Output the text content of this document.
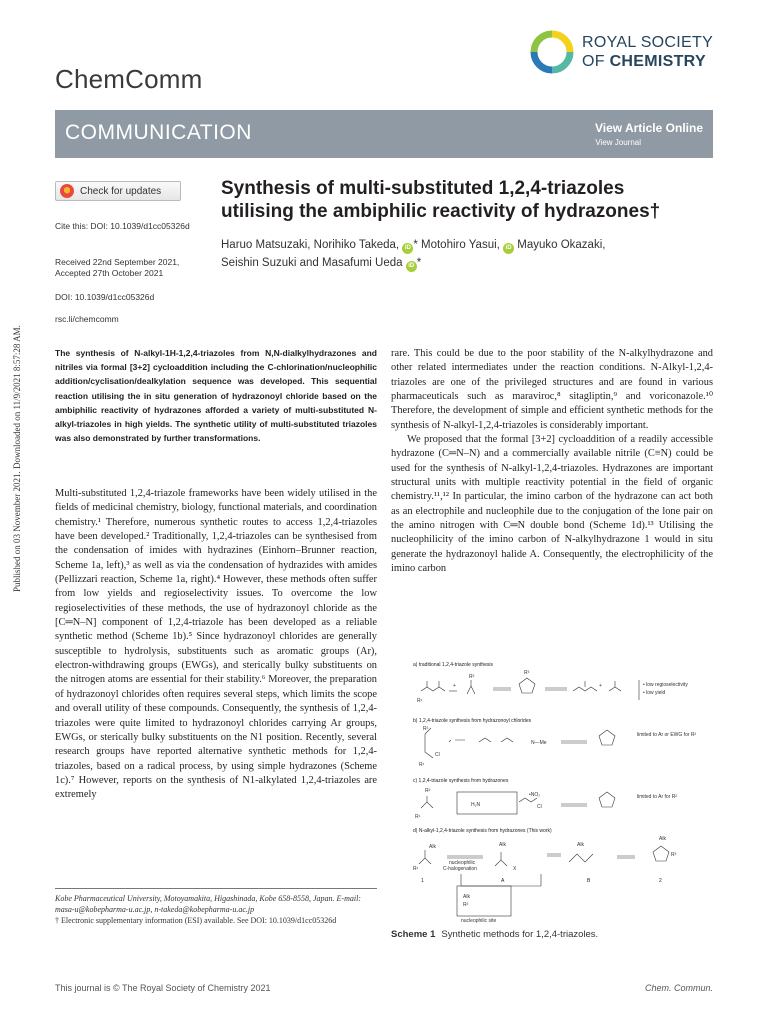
ChemComm
ROYAL SOCIETY
OF CHEMISTRY
COMMUNICATION	View Article Online
View Journal
Published on 03 November 2021. Downloaded on 11/9/2021 8:57:28 AM.
Check for updates
Cite this: DOI: 10.1039/d1cc05326d
Received 22nd September 2021,
Accepted 27th October 2021
DOI: 10.1039/d1cc05326d
rsc.li/chemcomm
Synthesis of multi-substituted 1,2,4-triazoles utilising the ambiphilic reactivity of hydrazones†
Haruo Matsuzaki, Norihiko Takeda, iD * Motohiro Yasui, iD Mayuko Okazaki,
Seishin Suzuki and Masafumi Ueda iD *
The synthesis of N-alkyl-1H-1,2,4-triazoles from N,N-dialkylhydrazones and nitriles via formal [3+2] cycloaddition including the C-chlorination/nucleophilic addition/cyclisation/dealkylation sequence was developed. This sequential reaction utilising the in situ generation of hydrazonoyl chloride based on the ambiphilic reactivity of hydrazones afforded a variety of multi-substituted N-alkyl-triazoles in high yields. The synthetic utility of multi-substituted triazoles was also demonstrated by further transformations.
Multi-substituted 1,2,4-triazole frameworks have been widely utilised in the fields of medicinal chemistry, biology, functional materials, and coordination chemistry.¹ Therefore, numerous synthetic routes to access 1,2,4-triazoles have been developed.² Traditionally, 1,2,4-triazoles can be synthesised from the condensation of imides with hydrazines (Einhorn–Brunner reaction, Scheme 1a, left),³ as well as via the condensation of hydrazides with amides (Pellizzari reaction, Scheme 1a, right).⁴ However, these methods often suffer from low yields and regioselectivity issues. To overcome the low regioselectivities of these methods, the use of hydrazonoyl chloride as the [C═N–N] component of 1,2,4-triazole has been developed as a reliable synthetic method (Scheme 1b).⁵ Since hydrazonoyl chlorides are generally susceptible to hydrolysis, substituents such as aromatic groups (Ar), electron-withdrawing groups (EWGs), and sterically bulky substituents on the nitrogen atoms are essential for their stability.⁶ Moreover, the preparation of hydrazonoyl chlorides often requires several steps, which limits the scope and overall utility of these compounds. Consequently, the synthesis of 1,2,4-triazoles were quite limited to hydrazonoyl chlorides carrying Ar groups, EWGs, or sterically bulky substituents on the N1 position. Recently, several research groups have reported alternative synthetic methods for 1,2,4-triazoles, based on a radical process, by using simple hydrazones (Scheme 1c).⁷ However, reports on the synthesis of N1-alkylated 1,2,4-triazoles are extremely

rare. This could be due to the poor stability of the N-alkylhydrazone and other related intermediates under the reaction conditions. N-Alkyl-1,2,4-triazoles are one of the privileged structures and are found in various pharmaceuticals such as maraviroc,⁸ sitagliptin,⁹ and voriconazole.¹⁰ Therefore, the development of simple and efficient synthetic methods for the synthesis of N-alkyl-1,2,4-triazoles is considerably important.

We proposed that the formal [3+2] cycloaddition of a readily accessible hydrazone (C═N–N) and a commercially available nitrile (C≡N) could be used for the synthesis of N-alkyl-1,2,4-triazoles. Hydrazones are important structural units with multiple reactivity potential in the field of organic chemistry.¹¹,¹² In particular, the imino carbon of the hydrazone can act both as an electrophile and nucleophile due to the conjugation of the lone pair on the amino nitrogen with C═N double bond (Scheme 1d).¹³ Utilising the nucleophilicity of the imino carbon of N-alkylhydrazone 1 would in situ generate the hydrazonoyl halide A. Consequently, the electrophilicity of the imino carbon

Kobe Pharmaceutical University, Motoyamakita, Higashinada, Kobe 658-8558, Japan. E-mail: masa-u@kobepharma-u.ac.jp, n-takeda@kobepharma-u.ac.jp
† Electronic supplementary information (ESI) available. See DOI: 10.1039/d1cc05326d
a) traditional 1,2,4-triazole synthesis
R¹
+
R³
R³
+	• low regioselectivity
• low yield
b) 1,2,4-triazole synthesis from hydrazonoyl chlorides
R²
Cl
R¹
N—Me
limited to Ar or EWG for R²
c) 1,2,4-triazole synthesis from hydrazones
R²
R¹
H₂N
•NO₂
Cl
limited to Ar for R²
d) N-alkyl-1,2,4-triazole synthesis from hydrazones (This work)
Alk
R¹
nucleophilic
C-halogenation
Alk
X
Alk
Alk
R³
Alk
R²
nucleophilic site
1	A	B	2
Scheme 1 Synthetic methods for 1,2,4-triazoles.
This journal is © The Royal Society of Chemistry 2021	Chem. Commun.
